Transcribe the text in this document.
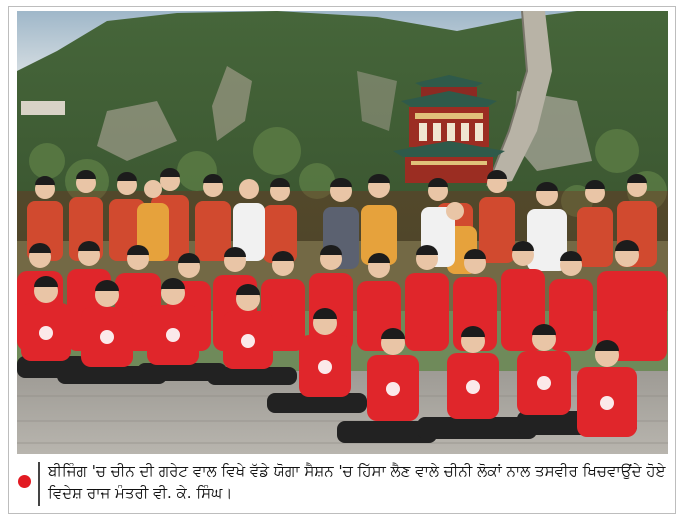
ਬੀਜਿੰਗ 'ਚ ਚੀਨ ਦੀ ਗਰੇਟ ਵਾਲ ਵਿਖੇ ਵੱਡੇ ਯੋਗਾ ਸੈਸ਼ਨ 'ਚ ਹਿੱਸਾ ਲੈਣ ਵਾਲੇ ਚੀਨੀ ਲੋਕਾਂ ਨਾਲ ਤਸਵੀਰ ਖਿਚਵਾਉਂਦੇ ਹੋਏ ਵਿਦੇਸ਼ ਰਾਜ ਮੰਤਰੀ ਵੀ. ਕੇ. ਸਿੰਘ।
